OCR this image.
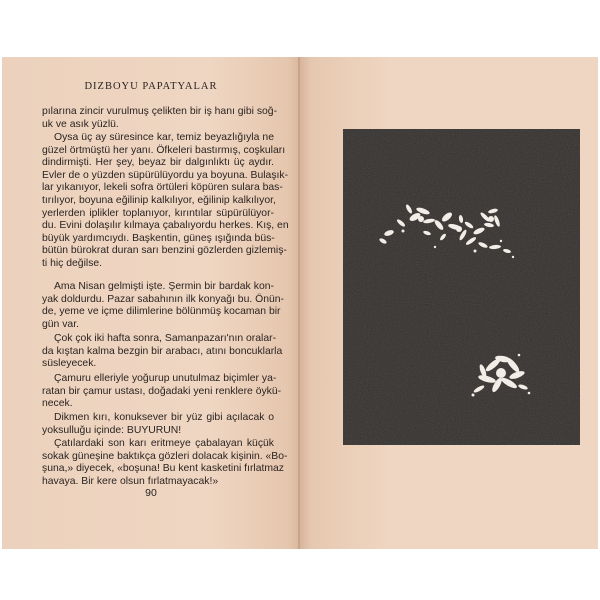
DIZBOYU PAPATYALAR
pılarına zincir vurulmuş çelikten bir iş hanı gibi soğ-
uk ve asık yüzlü.
Oysa üç ay süresince kar, temiz beyazlığıyla ne
güzel örtmüştü her yanı. Öfkeleri bastırmış, coşkuları
dindirmişti. Her şey, beyaz bir dalgınlıktı üç aydır.
Evler de o yüzden süpürülüyordu ya boyuna. Bulaşık-
lar yıkanıyor, lekeli sofra örtüleri köpüren sulara bas-
tırılıyor, boyuna eğilinip kalkılıyor, eğilinip kalkılıyor,
yerlerden iplikler toplanıyor, kırıntılar süpürülüyor-
du. Evini dolaşılır kılmaya çabalıyordu herkes. Kış, en
büyük yardımcıydı. Başkentin, güneş ışığında büs-
bütün bürokrat duran sarı benzini gözlerden gizlemiş-
ti hiç değilse.
Ama Nisan gelmişti işte. Şermin bir bardak kon-
yak doldurdu. Pazar sabahının ilk konyağı bu. Önün-
de, yeme ve içme dilimlerine bölünmüş kocaman bir
gün var.
Çok çok iki hafta sonra, Samanpazarı'nın oralar-
da kıştan kalma bezgin bir arabacı, atını boncuklarla
süsleyecek.
Çamuru elleriyle yoğurup unutulmaz biçimler ya-
ratan bir çamur ustası, doğadaki yeni renklere öykü-
necek.
Dikmen kırı, konuksever bir yüz gibi açılacak o
yoksulluğu içinde: BUYURUN!
Çatılardaki son karı eritmeye çabalayan küçük
sokak güneşine baktıkça gözleri dolacak kişinin. «Bo-
şuna,» diyecek, «boşuna! Bu kent kasketini fırlatmaz
havaya. Bir kere olsun fırlatmayacak!»
90
